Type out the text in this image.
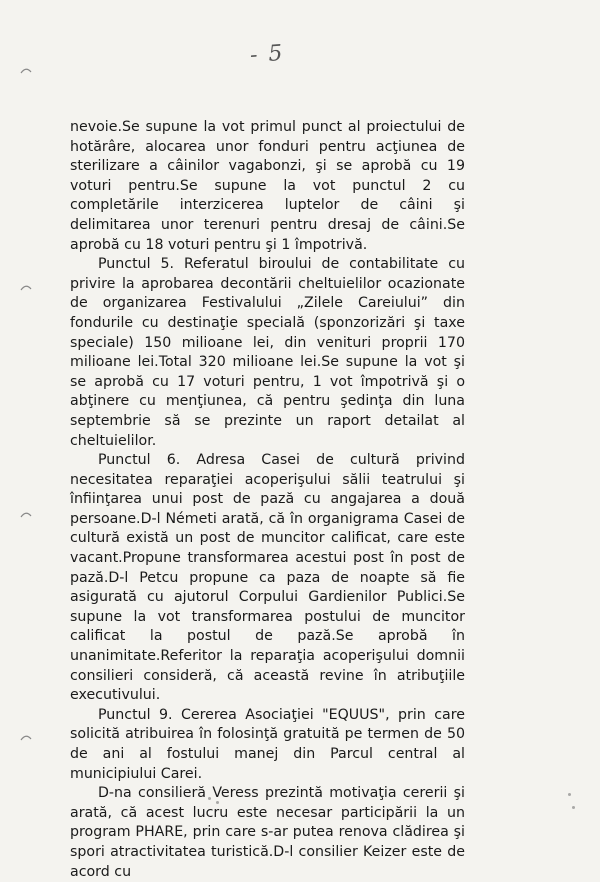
- 5

nevoie.Se supune la vot primul punct al proiectului de hotărâre, alocarea unor fonduri pentru acţiunea de sterilizare a câinilor vagabonzi, şi se aprobă cu 19 voturi pentru.Se supune la vot punctul 2 cu completările interzicerea luptelor de câini şi delimitarea unor terenuri pentru dresaj de câini.Se aprobă cu 18 voturi pentru şi 1 împotrivă.

Punctul 5. Referatul biroului de contabilitate cu privire la aprobarea decontării cheltuielilor ocazionate de organizarea Festivalului „Zilele Careiului” din fondurile cu destinaţie specială (sponzorizări şi taxe speciale) 150 milioane lei, din venituri proprii 170 milioane lei.Total 320 milioane lei.Se supune la vot şi se aprobă cu 17 voturi pentru, 1 vot împotrivă şi o abţinere cu menţiunea, că pentru şedinţa din luna septembrie să se prezinte un raport detailat al cheltuielilor.

Punctul 6. Adresa Casei de cultură privind necesitatea reparaţiei acoperişului sălii teatrului şi înfiinţarea unui post de pază cu angajarea a două persoane.D-l Németi arată, că în organigrama Casei de cultură există un post de muncitor calificat, care este vacant.Propune transformarea acestui post în post de pază.D-l Petcu propune ca paza de noapte să fie asigurată cu ajutorul Corpului Gardienilor Publici.Se supune la vot transformarea postului de muncitor calificat la postul de pază.Se aprobă în unanimitate.Referitor la reparaţia acoperişului domnii consilieri consideră, că această revine în atribuţiile executivului.

Punctul 9. Cererea Asociaţiei "EQUUS", prin care solicită atribuirea în folosinţă gratuită pe termen de 50 de ani al fostului manej din Parcul central al municipiului Carei.

D-na consilieră Veress prezintă motivaţia cererii şi arată, că acest lucru este necesar participării la un program PHARE, prin care s-ar putea renova clădirea şi spori atractivitatea turistică.D-l consilier Keizer este de acord cu
